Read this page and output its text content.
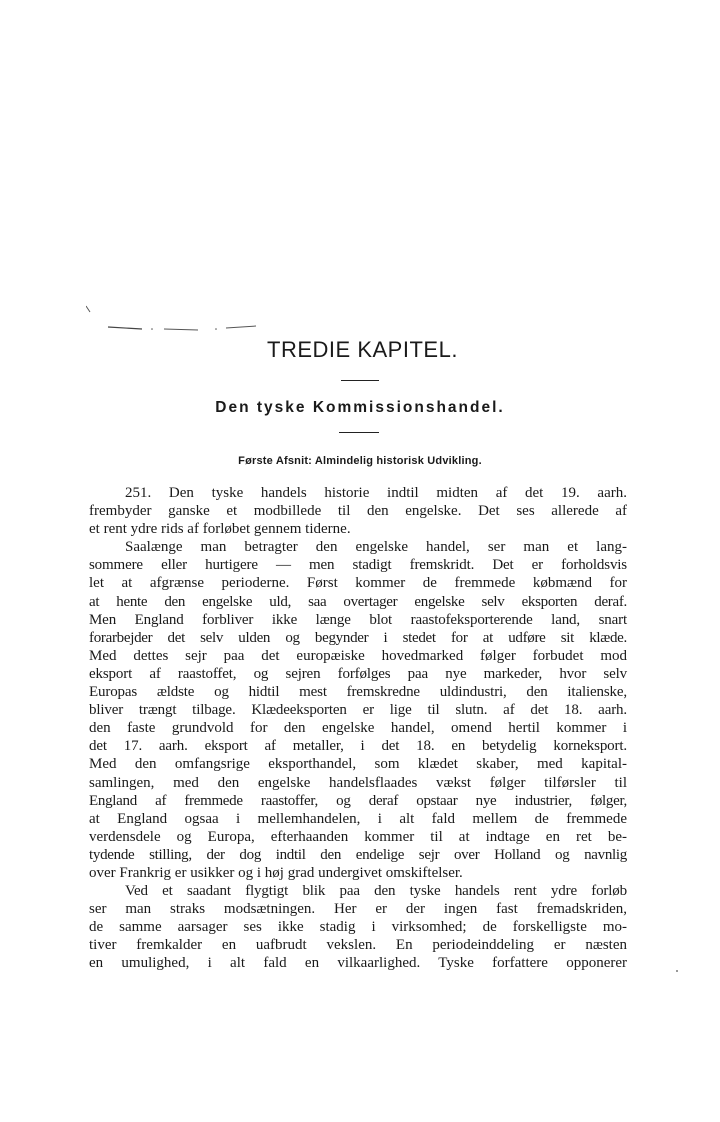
TREDIE KAPITEL.
Den tyske Kommissionshandel.
Første Afsnit: Almindelig historisk Udvikling.
251. Den tyske handels historie indtil midten af det 19. aarh.
frembyder ganske et modbillede til den engelske. Det ses allerede af
et rent ydre rids af forløbet gennem tiderne.
Saalænge man betragter den engelske handel, ser man et lang-
sommere eller hurtigere — men stadigt fremskridt. Det er forholdsvis
let at afgrænse perioderne. Først kommer de fremmede købmænd for
at hente den engelske uld, saa overtager engelske selv eksporten deraf.
Men England forbliver ikke længe blot raastofeksporterende land, snart
forarbejder det selv ulden og begynder i stedet for at udføre sit klæde.
Med dettes sejr paa det europæiske hovedmarked følger forbudet mod
eksport af raastoffet, og sejren forfølges paa nye markeder, hvor selv
Europas ældste og hidtil mest fremskredne uldindustri, den italienske,
bliver trængt tilbage. Klædeeksporten er lige til slutn. af det 18. aarh.
den faste grundvold for den engelske handel, omend hertil kommer i
det 17. aarh. eksport af metaller, i det 18. en betydelig korneksport.
Med den omfangsrige eksporthandel, som klædet skaber, med kapital-
samlingen, med den engelske handelsflaades vækst følger tilførsler til
England af fremmede raastoffer, og deraf opstaar nye industrier, følger,
at England ogsaa i mellemhandelen, i alt fald mellem de fremmede
verdensdele og Europa, efterhaanden kommer til at indtage en ret be-
tydende stilling, der dog indtil den endelige sejr over Holland og navnlig
over Frankrig er usikker og i høj grad undergivet omskiftelser.
Ved et saadant flygtigt blik paa den tyske handels rent ydre forløb
ser man straks modsætningen. Her er der ingen fast fremadskriden,
de samme aarsager ses ikke stadig i virksomhed; de forskelligste mo-
tiver fremkalder en uafbrudt vekslen. En periodeinddeling er næsten
en umulighed, i alt fald en vilkaarlighed. Tyske forfattere opponerer
